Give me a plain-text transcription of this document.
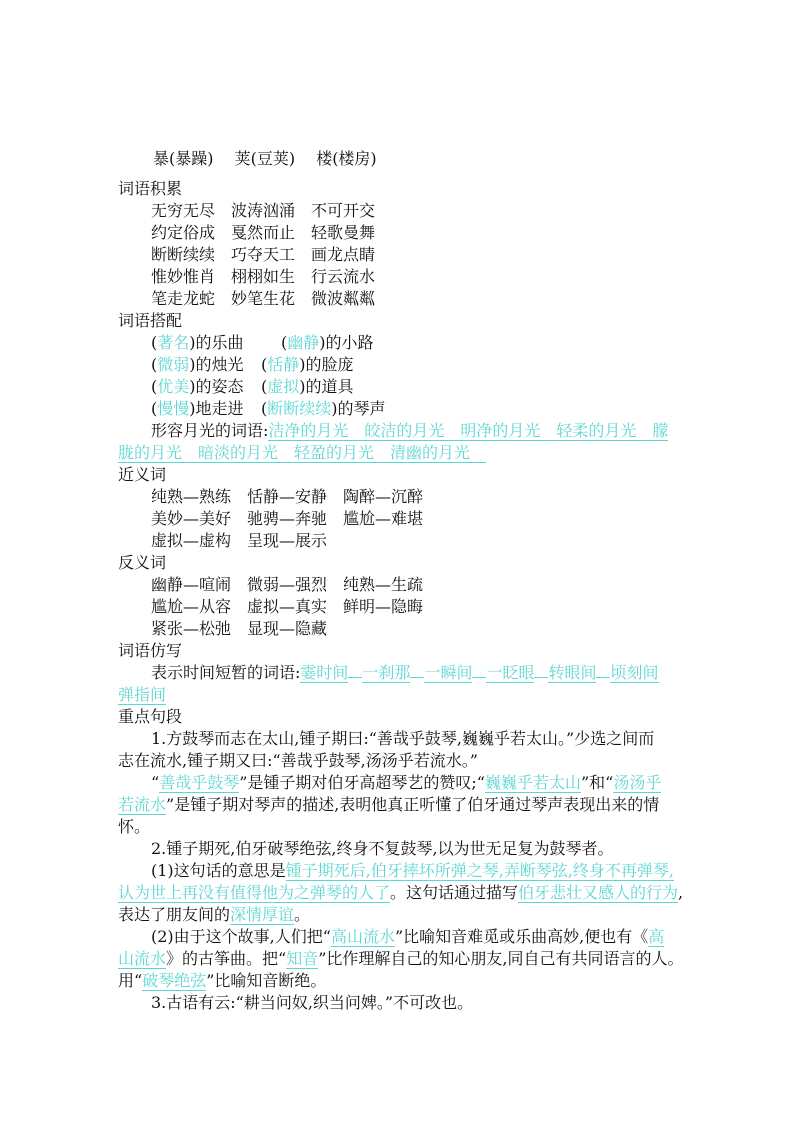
暴(暴躁) 荚(豆荚) 楼(楼房)
词语积累
无穷无尽 波涛汹涌 不可开交
约定俗成 戛然而止 轻歌曼舞
断断续续 巧夺天工 画龙点睛
惟妙惟肖 栩栩如生 行云流水
笔走龙蛇 妙笔生花 微波粼粼
词语搭配
(著名)的乐曲 (幽静)的小路
(微弱)的烛光 (恬静)的脸庞
(优美)的姿态 (虚拟)的道具
(慢慢)地走进 (断断续续)的琴声
形容月光的词语:洁净的月光　皎洁的月光　明净的月光　轻柔的月光　朦
胧的月光　暗淡的月光　轻盈的月光　清幽的月光　
近义词
纯熟—熟练 恬静—安静 陶醉—沉醉
美妙—美好 驰骋—奔驰 尴尬—难堪
虚拟—虚构 呈现—展示
反义词
幽静—喧闹 微弱—强烈 纯熟—生疏
尴尬—从容 虚拟—真实 鲜明—隐晦
紧张—松弛 显现—隐藏
词语仿写
表示时间短暂的词语:霎时间 一刹那 一瞬间 一眨眼 转眼间 顷刻间
弹指间
重点句段
1.方鼓琴而志在太山,锺子期曰:“善哉乎鼓琴,巍巍乎若太山。”少选之间而
志在流水,锺子期又曰:“善哉乎鼓琴,汤汤乎若流水。”
“善哉乎鼓琴”是锺子期对伯牙高超琴艺的赞叹;“巍巍乎若太山”和“汤汤乎
若流水”是锺子期对琴声的描述,表明他真正听懂了伯牙通过琴声表现出来的情
怀。
2.锺子期死,伯牙破琴绝弦,终身不复鼓琴,以为世无足复为鼓琴者。
(1)这句话的意思是锺子期死后,伯牙摔坏所弹之琴,弄断琴弦,终身不再弹琴,
认为世上再没有值得他为之弹琴的人了。这句话通过描写伯牙悲壮又感人的行为,
表达了朋友间的深情厚谊。
(2)由于这个故事,人们把“高山流水”比喻知音难觅或乐曲高妙,便也有《高
山流水》的古筝曲。把“知音”比作理解自己的知心朋友,同自己有共同语言的人。
用“破琴绝弦”比喻知音断绝。
3.古语有云:“耕当问奴,织当问婢。”不可改也。
